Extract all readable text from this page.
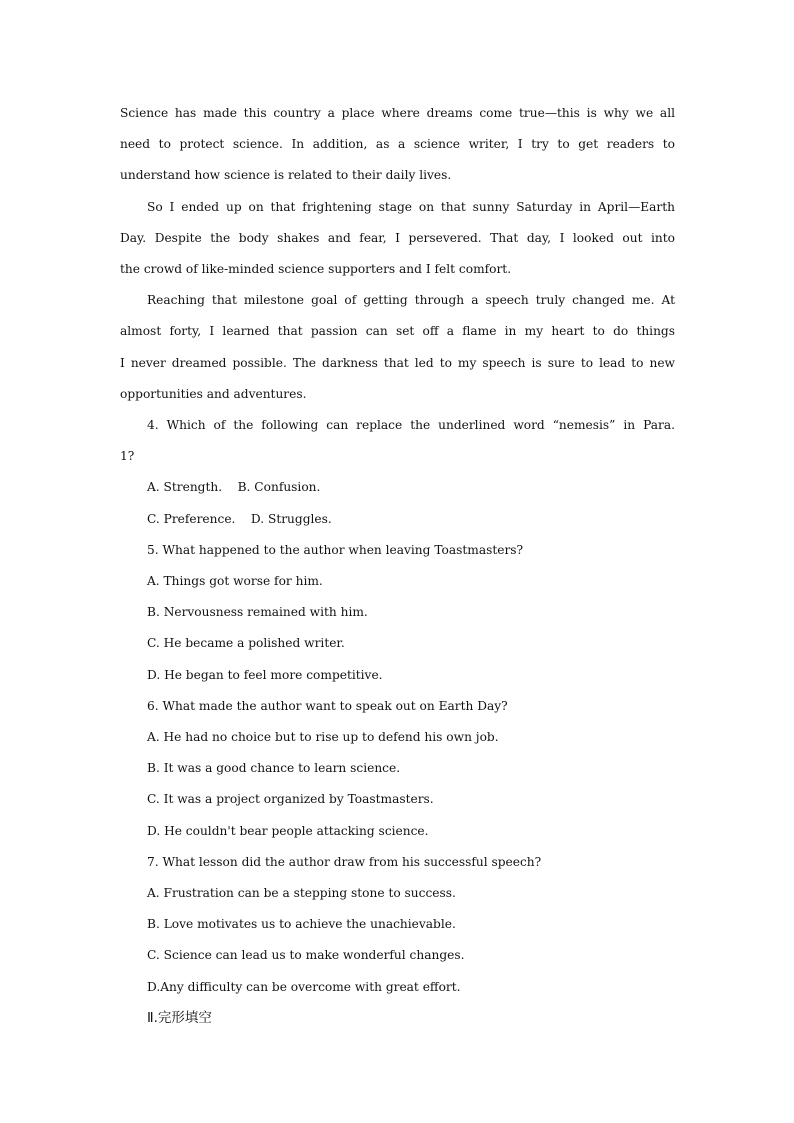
Science has made this country a place where dreams come true—this is why we all
need to protect science. In addition, as a science writer, I try to get readers to
understand how science is related to their daily lives.
So I ended up on that frightening stage on that sunny Saturday in April—Earth
Day. Despite the body shakes and fear, I persevered. That day, I looked out into
the crowd of like-minded science supporters and I felt comfort.
Reaching that milestone goal of getting through a speech truly changed me. At
almost forty, I learned that passion can set off a flame in my heart to do things
I never dreamed possible. The darkness that led to my speech is sure to lead to new
opportunities and adventures.
4. Which of the following can replace the underlined word “nemesis” in Para.
1?
A. Strength.    B. Confusion.
C. Preference.    D. Struggles.
5. What happened to the author when leaving Toastmasters?
A. Things got worse for him.
B. Nervousness remained with him.
C. He became a polished writer.
D. He began to feel more competitive.
6. What made the author want to speak out on Earth Day?
A. He had no choice but to rise up to defend his own job.
B. It was a good chance to learn science.
C. It was a project organized by Toastmasters.
D. He couldn't bear people attacking science.
7. What lesson did the author draw from his successful speech?
A. Frustration can be a stepping stone to success.
B. Love motivates us to achieve the unachievable.
C. Science can lead us to make wonderful changes.
D.Any difficulty can be overcome with great effort.
Ⅱ.完形填空
